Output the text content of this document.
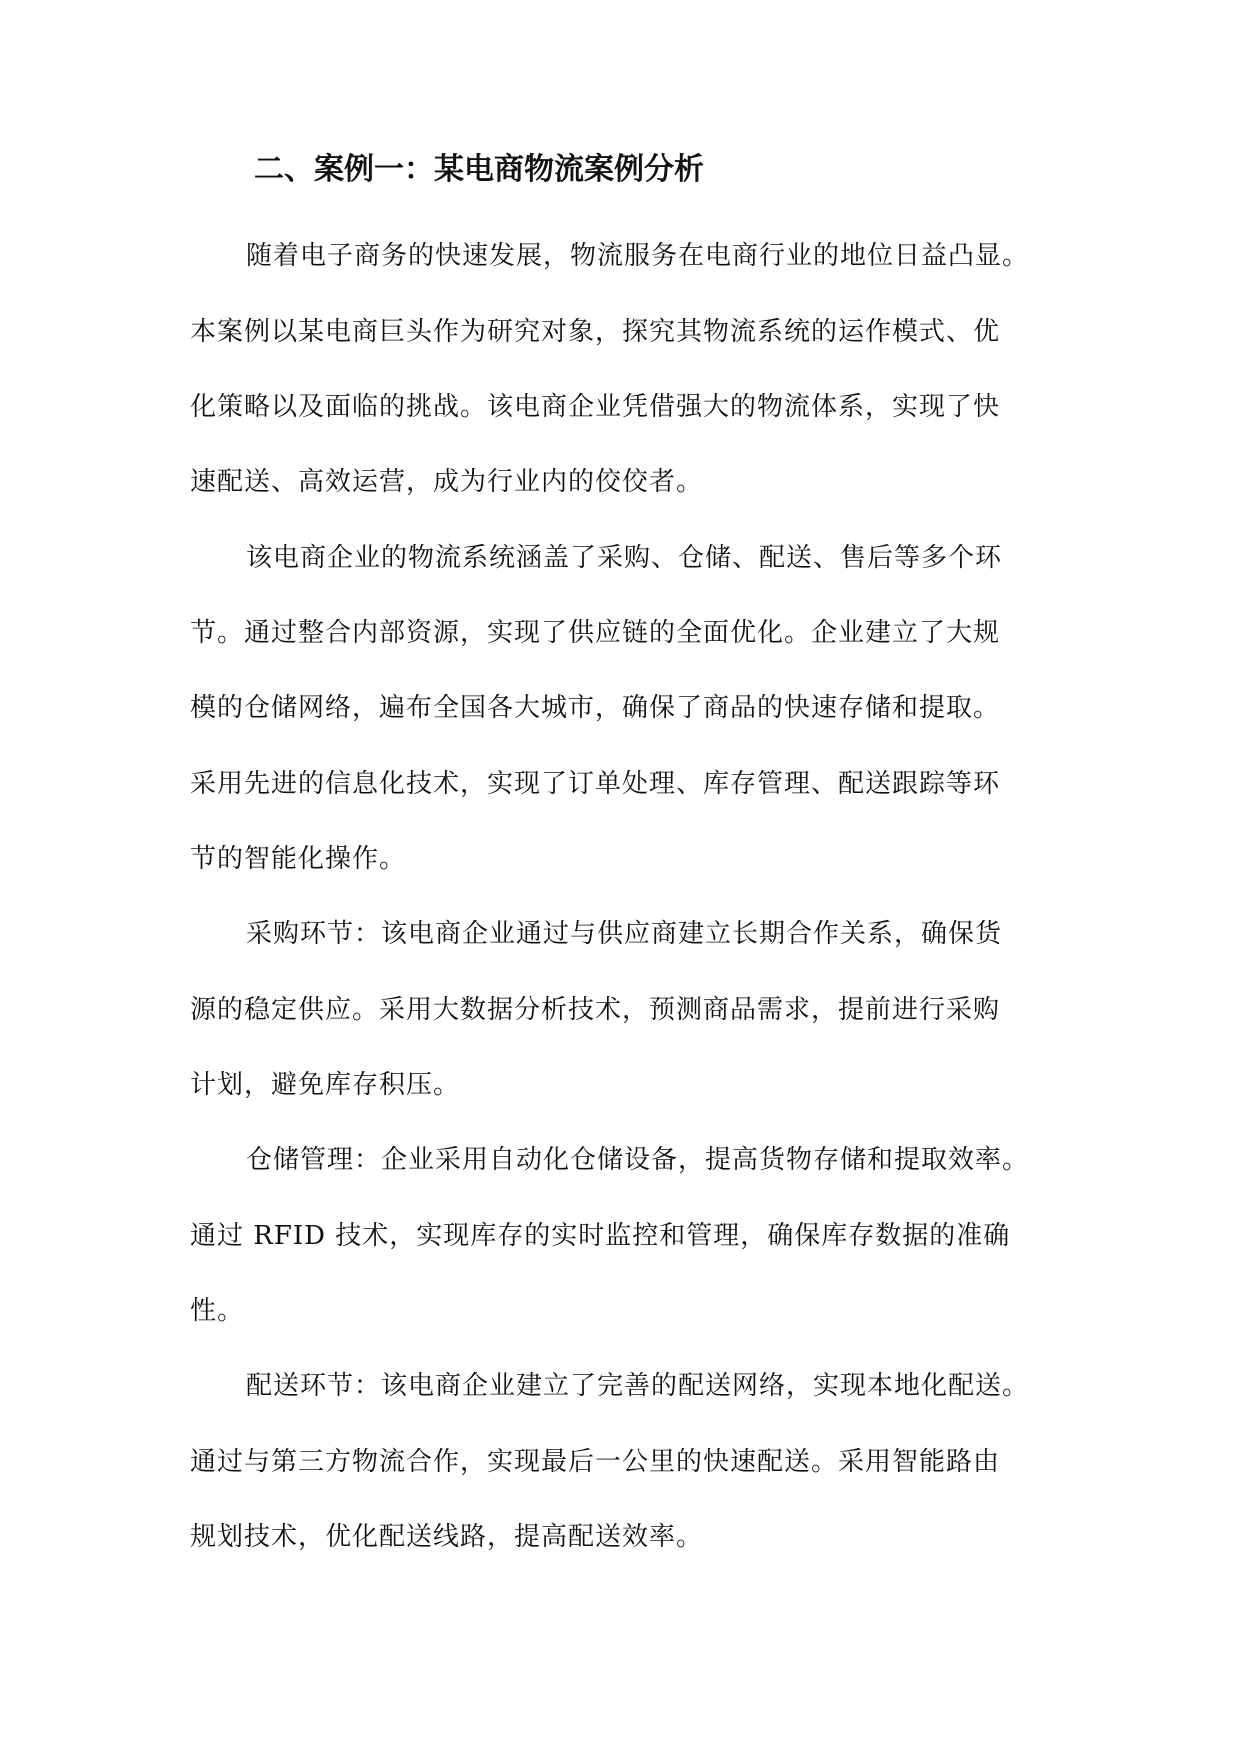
二、案例一：某电商物流案例分析
随着电子商务的快速发展，物流服务在电商行业的地位日益凸显。
本案例以某电商巨头作为研究对象，探究其物流系统的运作模式、优
化策略以及面临的挑战。该电商企业凭借强大的物流体系，实现了快
速配送、高效运营，成为行业内的佼佼者。
该电商企业的物流系统涵盖了采购、仓储、配送、售后等多个环
节。通过整合内部资源，实现了供应链的全面优化。企业建立了大规
模的仓储网络，遍布全国各大城市，确保了商品的快速存储和提取。
采用先进的信息化技术，实现了订单处理、库存管理、配送跟踪等环
节的智能化操作。
采购环节：该电商企业通过与供应商建立长期合作关系，确保货
源的稳定供应。采用大数据分析技术，预测商品需求，提前进行采购
计划，避免库存积压。
仓储管理：企业采用自动化仓储设备，提高货物存储和提取效率。
通过 RFID 技术，实现库存的实时监控和管理，确保库存数据的准确
性。
配送环节：该电商企业建立了完善的配送网络，实现本地化配送。
通过与第三方物流合作，实现最后一公里的快速配送。采用智能路由
规划技术，优化配送线路，提高配送效率。
